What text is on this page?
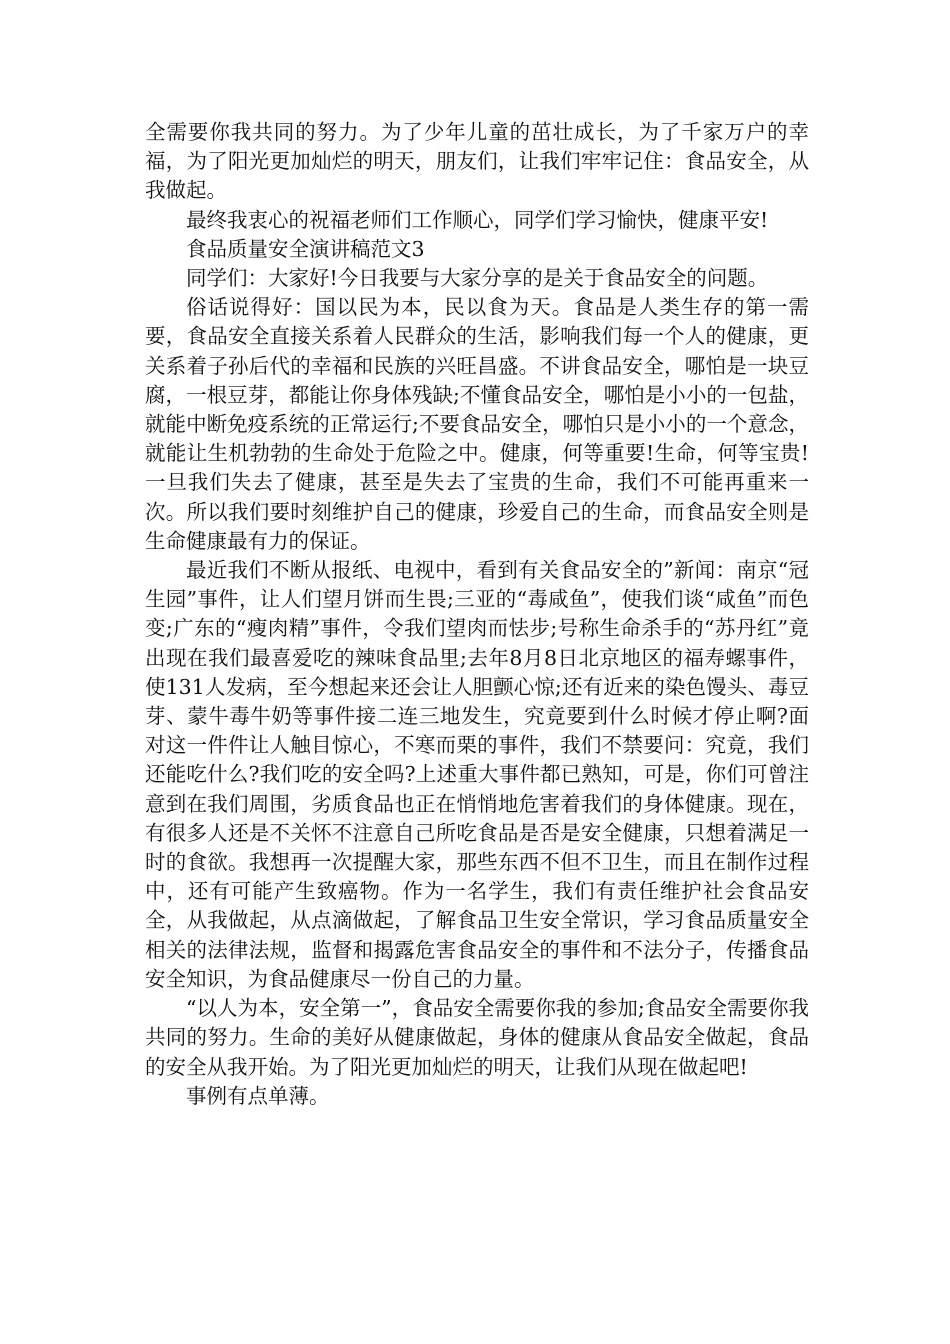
全需要你我共同的努力。为了少年儿童的茁壮成长，为了千家万户的幸福，为了阳光更加灿烂的明天，朋友们，让我们牢牢记住：食品安全，从我做起。

最终我衷心的祝福老师们工作顺心，同学们学习愉快，健康平安!

食品质量安全演讲稿范文3

同学们：大家好!今日我要与大家分享的是关于食品安全的问题。

俗话说得好：国以民为本，民以食为天。食品是人类生存的第一需要，食品安全直接关系着人民群众的生活，影响我们每一个人的健康，更关系着子孙后代的幸福和民族的兴旺昌盛。不讲食品安全，哪怕是一块豆腐，一根豆芽，都能让你身体残缺;不懂食品安全，哪怕是小小的一包盐，就能中断免疫系统的正常运行;不要食品安全，哪怕只是小小的一个意念，就能让生机勃勃的生命处于危险之中。健康，何等重要!生命，何等宝贵!一旦我们失去了健康，甚至是失去了宝贵的生命，我们不可能再重来一次。所以我们要时刻维护自己的健康，珍爱自己的生命，而食品安全则是生命健康最有力的保证。

最近我们不断从报纸、电视中，看到有关食品安全的”新闻：南京“冠生园”事件，让人们望月饼而生畏;三亚的“毒咸鱼”，使我们谈“咸鱼”而色变;广东的“瘦肉精”事件，令我们望肉而怯步;号称生命杀手的“苏丹红”竟出现在我们最喜爱吃的辣味食品里;去年8月8日北京地区的福寿螺事件，使131人发病，至今想起来还会让人胆颤心惊;还有近来的染色馒头、毒豆芽、蒙牛毒牛奶等事件接二连三地发生，究竟要到什么时候才停止啊?面对这一件件让人触目惊心，不寒而栗的事件，我们不禁要问：究竟，我们还能吃什么?我们吃的安全吗?上述重大事件都已熟知，可是，你们可曾注意到在我们周围，劣质食品也正在悄悄地危害着我们的身体健康。现在，有很多人还是不关怀不注意自己所吃食品是否是安全健康，只想着满足一时的食欲。我想再一次提醒大家，那些东西不但不卫生，而且在制作过程中，还有可能产生致癌物。作为一名学生，我们有责任维护社会食品安全，从我做起，从点滴做起，了解食品卫生安全常识，学习食品质量安全相关的法律法规，监督和揭露危害食品安全的事件和不法分子，传播食品安全知识，为食品健康尽一份自己的力量。

“以人为本，安全第一”，食品安全需要你我的参加;食品安全需要你我共同的努力。生命的美好从健康做起，身体的健康从食品安全做起，食品的安全从我开始。为了阳光更加灿烂的明天，让我们从现在做起吧!

事例有点单薄。
